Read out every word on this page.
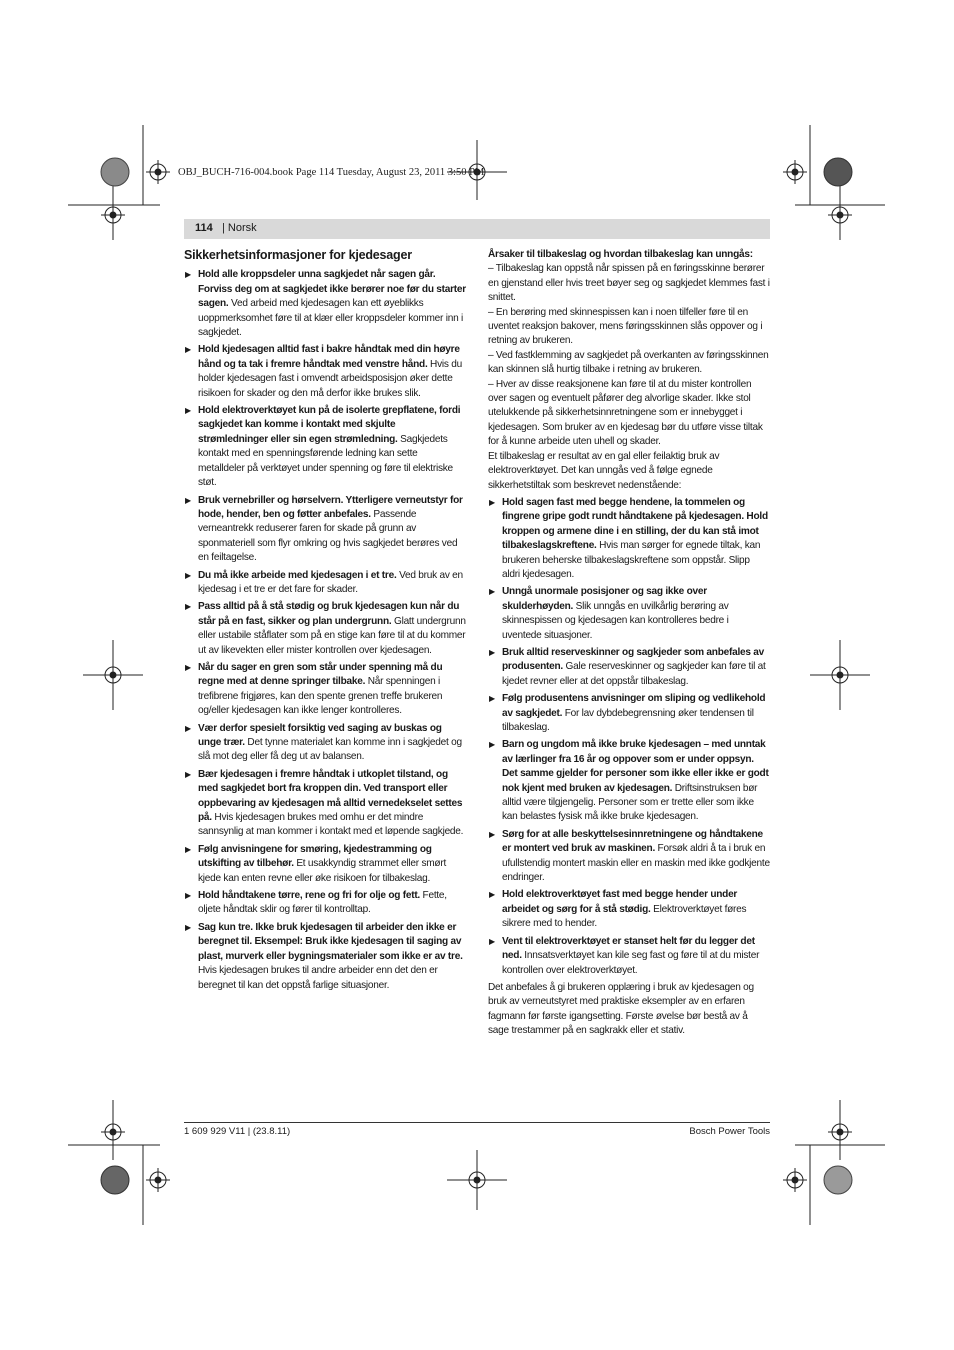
OBJ_BUCH-716-004.book Page 114 Tuesday, August 23, 2011 3:50 PM
114 | Norsk
Sikkerhetsinformasjoner for kjedesager
▶ Hold alle kroppsdeler unna sagkjedet når sagen går. Forviss deg om at sagkjedet ikke berører noe før du starter sagen. Ved arbeid med kjedesagen kan ett øyeblikks uoppmerksomhet føre til at klær eller kroppsdeler kommer inn i sagkjedet.
▶ Hold kjedesagen alltid fast i bakre håndtak med din høyre hånd og ta tak i fremre håndtak med venstre hånd. Hvis du holder kjedesagen fast i omvendt arbeidsposisjon øker dette risikoen for skader og den må derfor ikke brukes slik.
▶ Hold elektroverktøyet kun på de isolerte grepflatene, fordi sagkjedet kan komme i kontakt med skjulte strømledninger eller sin egen strømledning. Sagkjedets kontakt med en spenningsførende ledning kan sette metalldeler på verktøyet under spenning og føre til elektriske støt.
▶ Bruk vernebriller og hørselvern. Ytterligere verneutstyr for hode, hender, ben og føtter anbefales. Passende verneantrekk reduserer faren for skade på grunn av sponmateriell som flyr omkring og hvis sagkjedet berøres ved en feiltagelse.
▶ Du må ikke arbeide med kjedesagen i et tre. Ved bruk av en kjedesag i et tre er det fare for skader.
▶ Pass alltid på å stå stødig og bruk kjedesagen kun når du står på en fast, sikker og plan undergrunn. Glatt undergrunn eller ustabile ståflater som på en stige kan føre til at du kommer ut av likevekten eller mister kontrollen over kjedesagen.
▶ Når du sager en gren som står under spenning må du regne med at denne springer tilbake. Når spenningen i trefibrene frigjøres, kan den spente grenen treffe brukeren og/eller kjedesagen kan ikke lenger kontrolleres.
▶ Vær derfor spesielt forsiktig ved saging av buskas og unge trær. Det tynne materialet kan komme inn i sagkjedet og slå mot deg eller få deg ut av balansen.
▶ Bær kjedesagen i fremre håndtak i utkoplet tilstand, og med sagkjedet bort fra kroppen din. Ved transport eller oppbevaring av kjedesagen må alltid vernedekselet settes på. Hvis kjedesagen brukes med omhu er det mindre sannsynlig at man kommer i kontakt med et løpende sagkjede.
▶ Følg anvisningene for smøring, kjedestramming og utskifting av tilbehør. Et usakkyndig strammet eller smørt kjede kan enten revne eller øke risikoen for tilbakeslag.
▶ Hold håndtakene tørre, rene og fri for olje og fett. Fette, oljete håndtak sklir og fører til kontrolltap.
▶ Sag kun tre. Ikke bruk kjedesagen til arbeider den ikke er beregnet til. Eksempel: Bruk ikke kjedesagen til saging av plast, murverk eller bygningsmaterialer som ikke er av tre. Hvis kjedesagen brukes til andre arbeider enn det den er beregnet til kan det oppstå farlige situasjoner.

Årsaker til tilbakeslag og hvordan tilbakeslag kan unngås:

– Tilbakeslag kan oppstå når spissen på en føringsskinne berører en gjenstand eller hvis treet bøyer seg og sagkjedet klemmes fast i snittet.

– En berøring med skinnespissen kan i noen tilfeller føre til en uventet reaksjon bakover, mens føringsskinnen slås oppover og i retning av brukeren.

– Ved fastklemming av sagkjedet på overkanten av føringsskinnen kan skinnen slå hurtig tilbake i retning av brukeren.

– Hver av disse reaksjonene kan føre til at du mister kontrollen over sagen og eventuelt påfører deg alvorlige skader. Ikke stol utelukkende på sikkerhetsinnretningene som er innebygget i kjedesagen. Som bruker av en kjedesag bør du utføre visse tiltak for å kunne arbeide uten uhell og skader.

Et tilbakeslag er resultat av en gal eller feilaktig bruk av elektroverktøyet. Det kan unngås ved å følge egnede sikkerhetstiltak som beskrevet nedenstående:

▶ Hold sagen fast med begge hendene, la tommelen og fingrene gripe godt rundt håndtakene på kjedesagen. Hold kroppen og armene dine i en stilling, der du kan stå imot tilbakeslagskreftene. Hvis man sørger for egnede tiltak, kan brukeren beherske tilbakeslagskreftene som oppstår. Slipp aldri kjedesagen.
▶ Unngå unormale posisjoner og sag ikke over skulderhøyden. Slik unngås en uvilkårlig berøring av skinnespissen og kjedesagen kan kontrolleres bedre i uventede situasjoner.
▶ Bruk alltid reserveskinner og sagkjeder som anbefales av produsenten. Gale reserveskinner og sagkjeder kan føre til at kjedet revner eller at det oppstår tilbakeslag.
▶ Følg produsentens anvisninger om sliping og vedlikehold av sagkjedet. For lav dybdebegrensning øker tendensen til tilbakeslag.
▶ Barn og ungdom må ikke bruke kjedesagen – med unntak av lærlinger fra 16 år og oppover som er under oppsyn. Det samme gjelder for personer som ikke eller ikke er godt nok kjent med bruken av kjedesagen. Driftsinstruksen bør alltid være tilgjengelig. Personer som er trette eller som ikke kan belastes fysisk må ikke bruke kjedesagen.
▶ Sørg for at alle beskyttelsesinnretningene og håndtakene er montert ved bruk av maskinen. Forsøk aldri å ta i bruk en ufullstendig montert maskin eller en maskin med ikke godkjente endringer.
▶ Hold elektroverktøyet fast med begge hender under arbeidet og sørg for å stå stødig. Elektroverktøyet føres sikrere med to hender.
▶ Vent til elektroverktøyet er stanset helt før du legger det ned. Innsatsverktøyet kan kile seg fast og føre til at du mister kontrollen over elektroverktøyet.

Det anbefales å gi brukeren opplæring i bruk av kjedesagen og bruk av verneutstyret med praktiske eksempler av en erfaren fagmann før første igangsetting. Første øvelse bør bestå av å sage trestammer på en sagkrakk eller et stativ.

1 609 929 V11 | (23.8.11)	Bosch Power Tools
